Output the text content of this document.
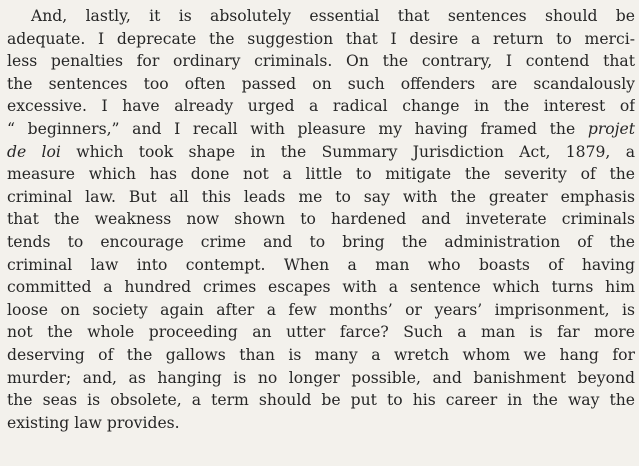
And, lastly, it is absolutely essential that sentences should be
adequate. I deprecate the suggestion that I desire a return to merci-
less penalties for ordinary criminals. On the contrary, I contend that
the sentences too often passed on such offenders are scandalously
excessive. I have already urged a radical change in the interest of
“ beginners,” and I recall with pleasure my having framed the projet
de loi which took shape in the Summary Jurisdiction Act, 1879, a
measure which has done not a little to mitigate the severity of the
criminal law. But all this leads me to say with the greater emphasis
that the weakness now shown to hardened and inveterate criminals
tends to encourage crime and to bring the administration of the
criminal law into contempt. When a man who boasts of having
committed a hundred crimes escapes with a sentence which turns him
loose on society again after a few months’ or years’ imprisonment, is
not the whole proceeding an utter farce? Such a man is far more
deserving of the gallows than is many a wretch whom we hang for
murder; and, as hanging is no longer possible, and banishment beyond
the seas is obsolete, a term should be put to his career in the way the
existing law provides.
